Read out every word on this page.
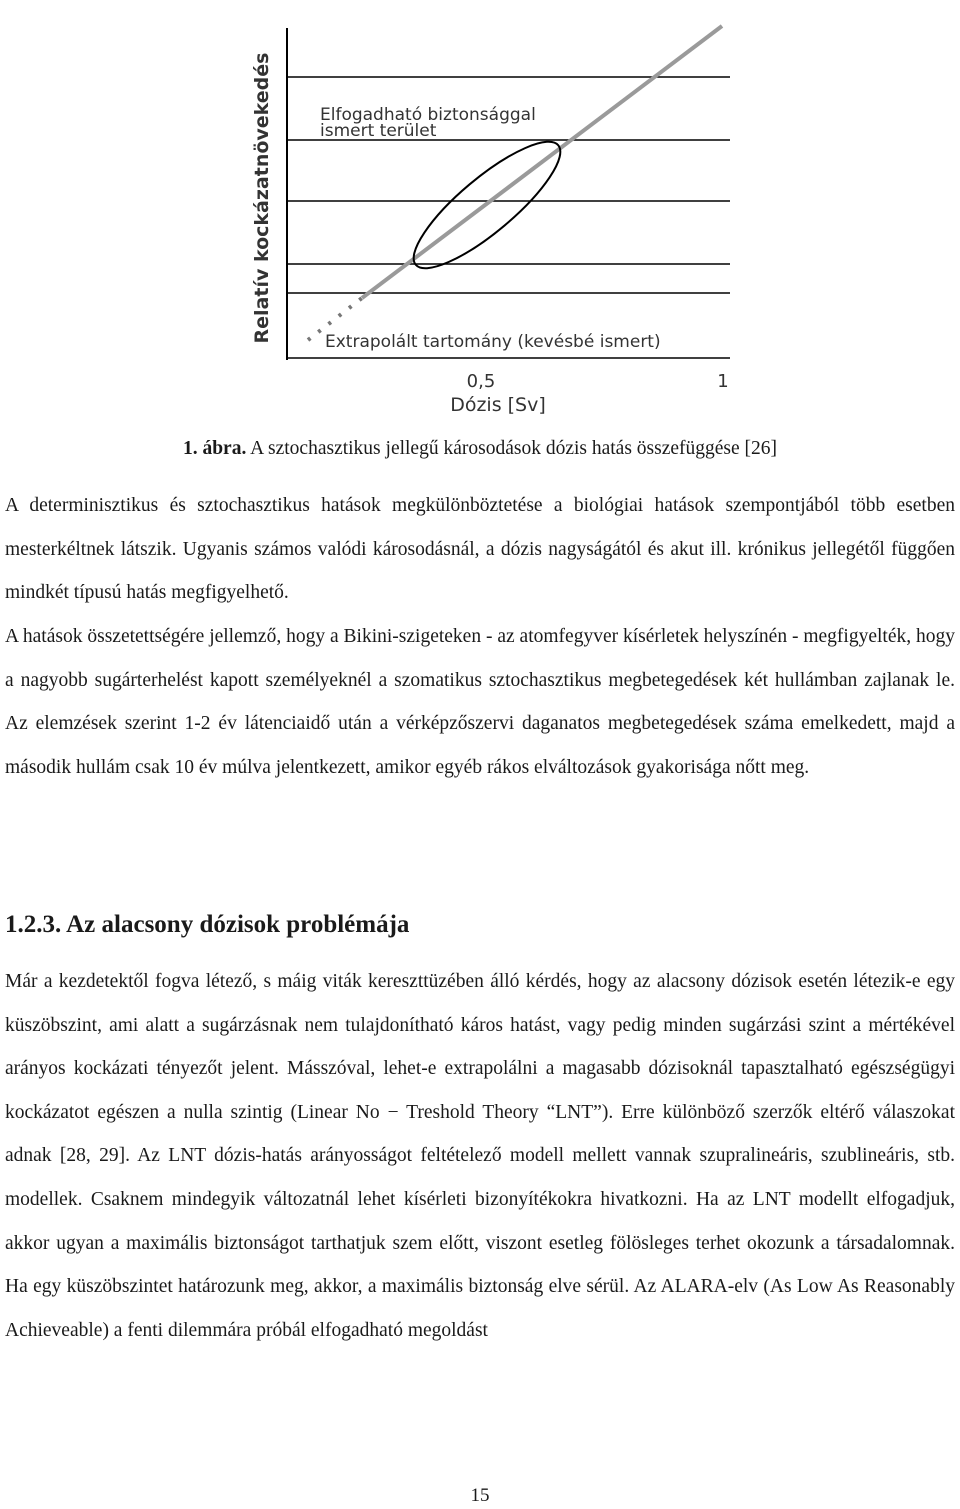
Relatív kockázatnövekedés	Elfogadható biztonsággal
ismert terület
Extrapolált tartomány (kevésbé ismert)
0,5	1
Dózis [Sv]
1. ábra. A sztochasztikus jellegű károsodások dózis hatás összefüggése [26]

A determinisztikus és sztochasztikus hatások megkülönböztetése a biológiai hatások szempontjából több esetben mesterkéltnek látszik. Ugyanis számos valódi károsodásnál, a dózis nagyságától és akut ill. krónikus jellegétől függően mindkét típusú hatás megfigyelhető.

A hatások összetettségére jellemző, hogy a Bikini-szigeteken - az atomfegyver kísérletek helyszínén - megfigyelték, hogy a nagyobb sugárterhelést kapott személyeknél a szomatikus sztochasztikus megbetegedések két hullámban zajlanak le. Az elemzések szerint 1-2 év látenciaidő után a vérképzőszervi daganatos megbetegedések száma emelkedett, majd a második hullám csak 10 év múlva jelentkezett, amikor egyéb rákos elváltozások gyakorisága nőtt meg.

1.2.3. Az alacsony dózisok problémája

Már a kezdetektől fogva létező, s máig viták kereszttüzében álló kérdés, hogy az alacsony dózisok esetén létezik-e egy küszöbszint, ami alatt a sugárzásnak nem tulajdonítható káros hatást, vagy pedig minden sugárzási szint a mértékével arányos kockázati tényezőt jelent. Másszóval, lehet-e extrapolálni a magasabb dózisoknál tapasztalható egészségügyi kockázatot egészen a nulla szintig (Linear No − Treshold Theory “LNT”). Erre különböző szerzők eltérő válaszokat adnak [28, 29]. Az LNT dózis-hatás arányosságot feltételező modell mellett vannak szupralineáris, szublineáris, stb. modellek. Csaknem mindegyik változatnál lehet kísérleti bizonyítékokra hivatkozni. Ha az LNT modellt elfogadjuk, akkor ugyan a maximális biztonságot tarthatjuk szem előtt, viszont esetleg fölösleges terhet okozunk a társadalomnak. Ha egy küszöbszintet határozunk meg, akkor, a maximális biztonság elve sérül. Az ALARA-elv (As Low As Reasonably Achieveable) a fenti dilemmára próbál elfogadható megoldást

15
